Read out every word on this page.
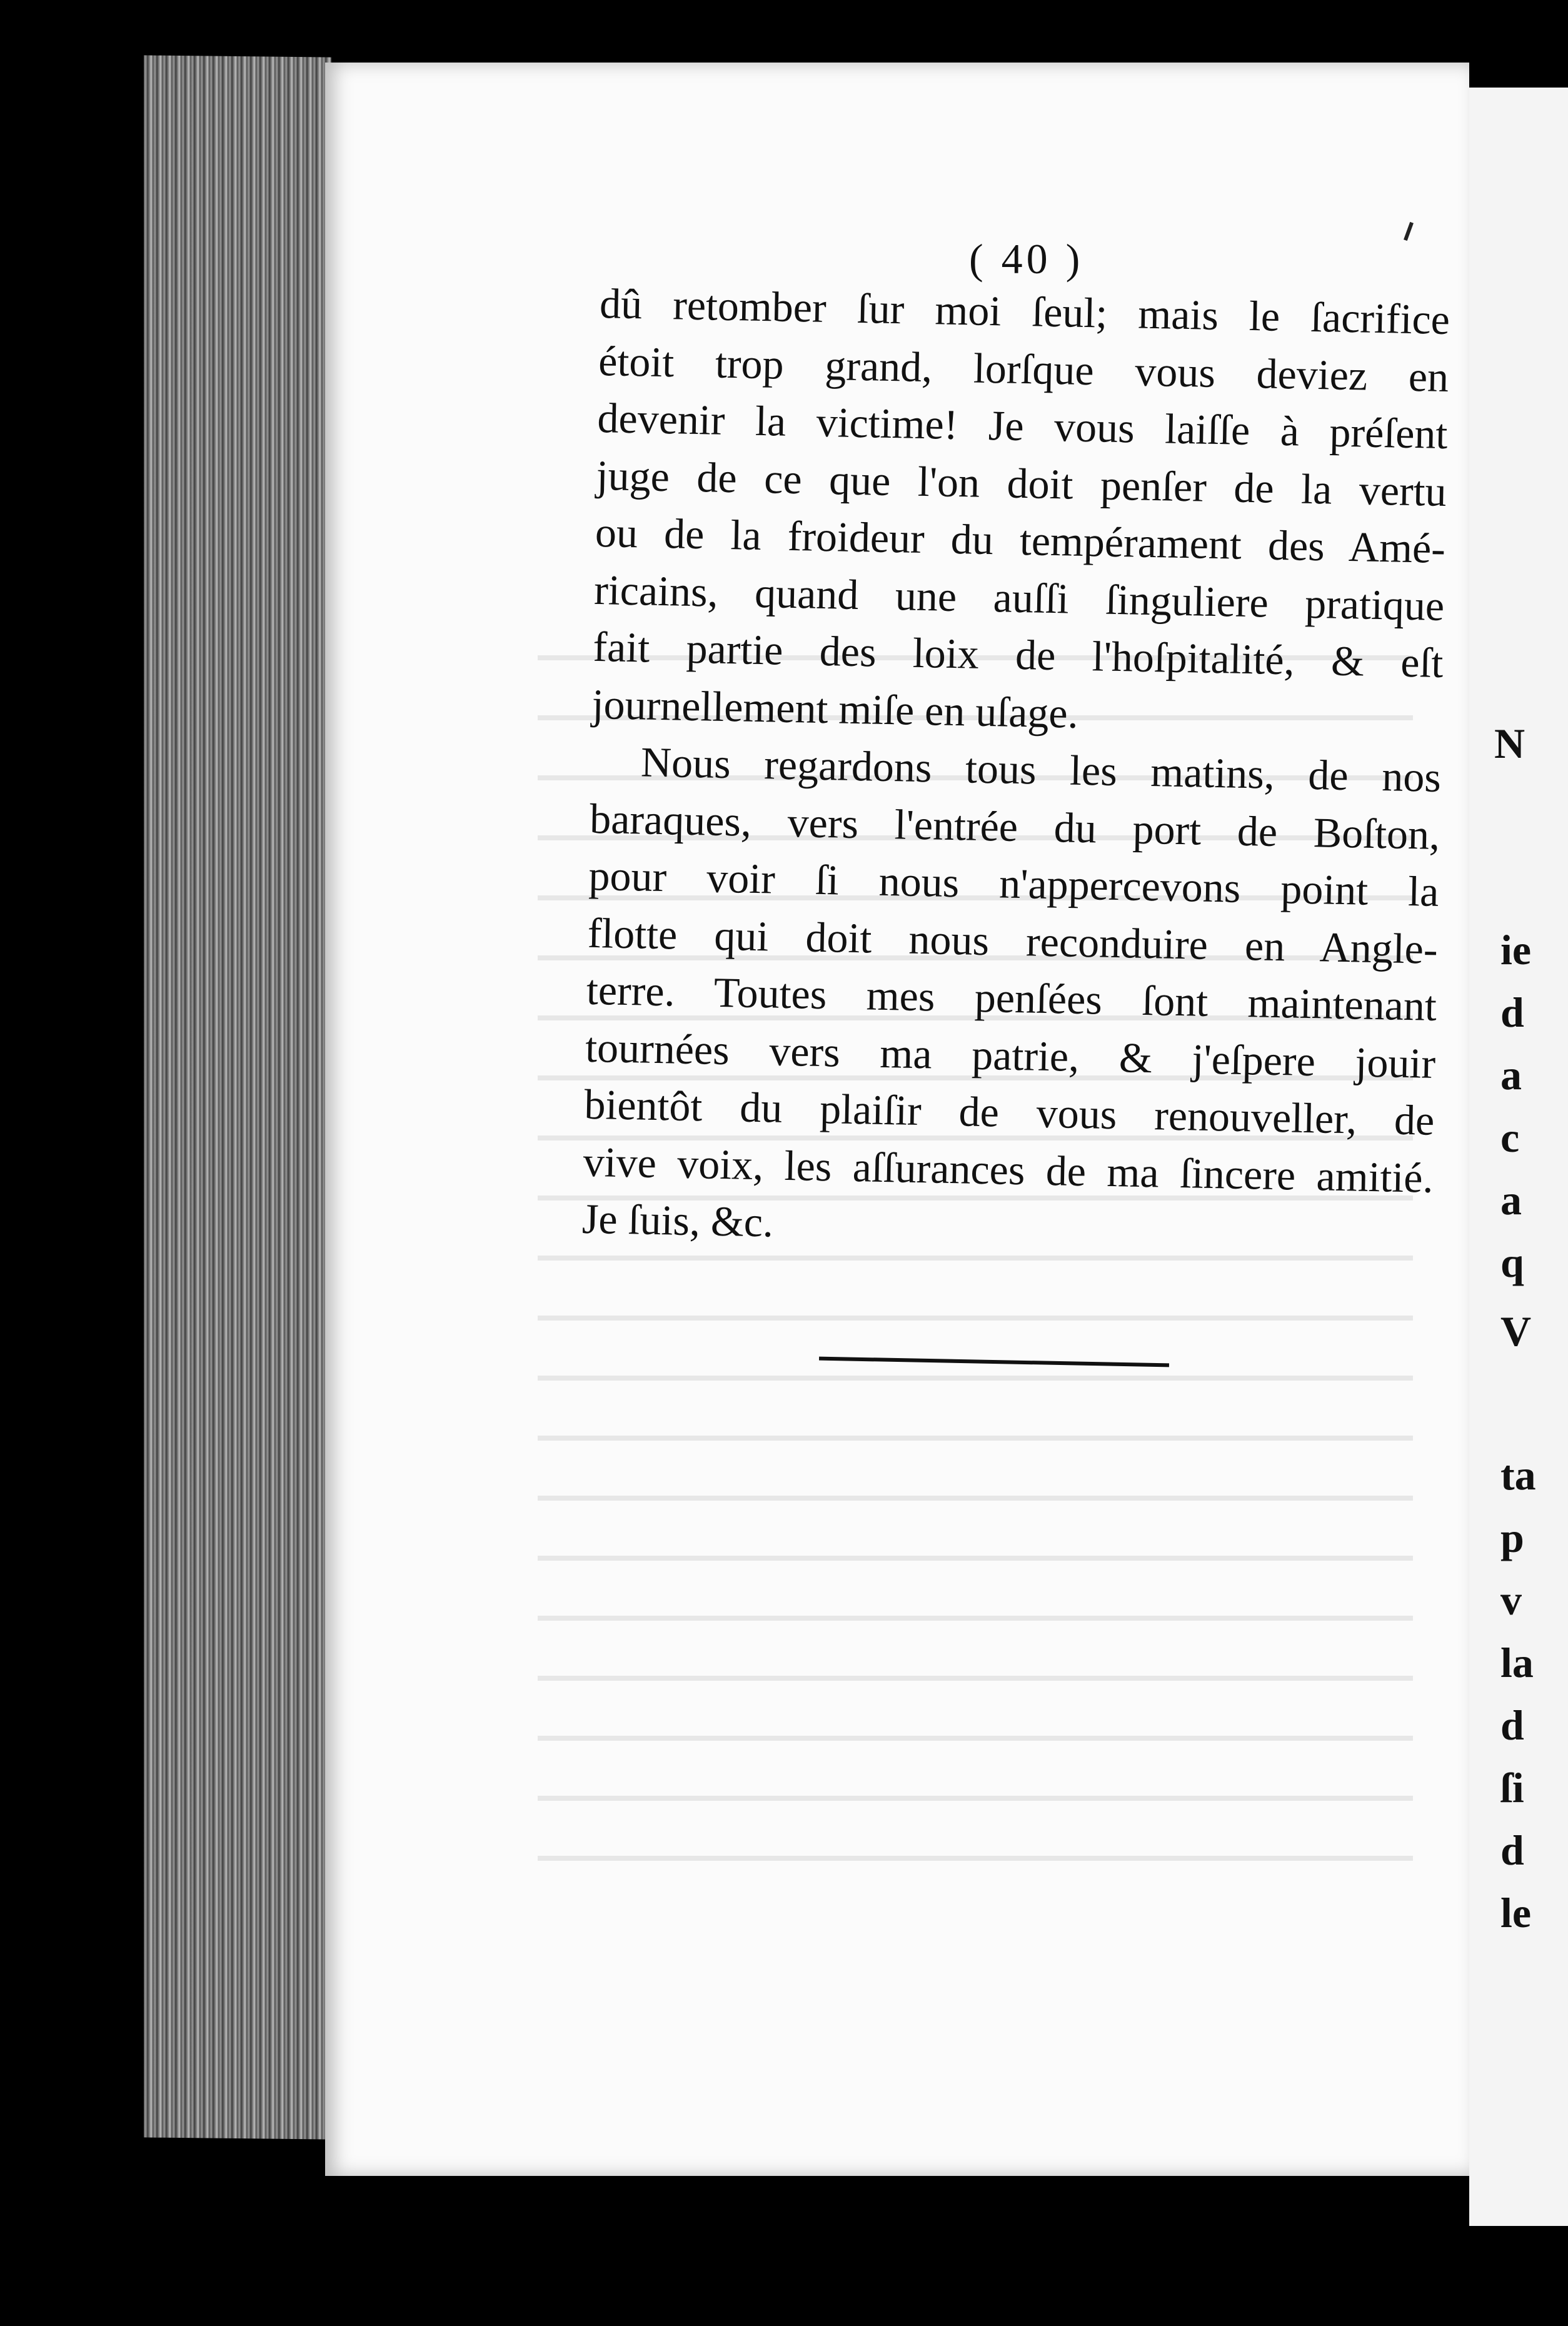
N
ie
d
a
c
a
q
V
ta
p
v
la
d
ſi
d
le
( 40 )
dû retomber ſur moi ſeul; mais le ſacrifice
étoit trop grand, lorſque vous deviez en
devenir la victime! Je vous laiſſe à préſent
juge de ce que l'on doit penſer de la vertu
ou de la froideur du tempérament des Amé-
ricains, quand une auſſi ſinguliere pratique
fait partie des loix de l'hoſpitalité, & eſt
journellement miſe en uſage.
Nous regardons tous les matins, de nos
baraques, vers l'entrée du port de Boſton,
pour voir ſi nous n'appercevons point la
flotte qui doit nous reconduire en Angle-
terre. Toutes mes penſées ſont maintenant
tournées vers ma patrie, & j'eſpere jouir
bientôt du plaiſir de vous renouveller, de
vive voix, les aſſurances de ma ſincere amitié.
Je ſuis, &c.
